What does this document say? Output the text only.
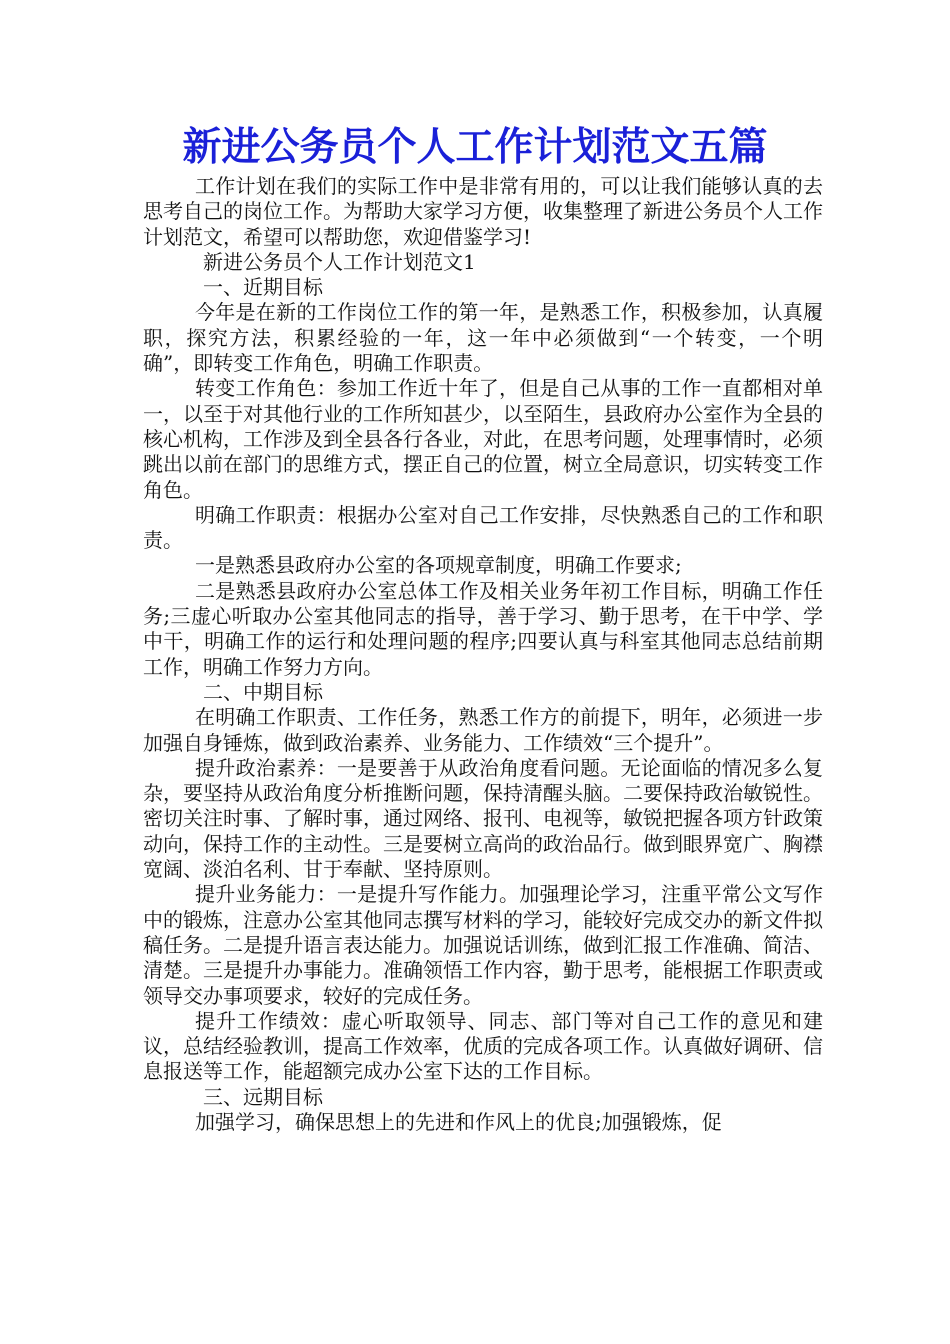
新进公务员个人工作计划范文五篇

工作计划在我们的实际工作中是非常有用的，可以让我们能够认真的去思考自己的岗位工作。为帮助大家学习方便，收集整理了新进公务员个人工作计划范文，希望可以帮助您，欢迎借鉴学习!

新进公务员个人工作计划范文1

一、近期目标

今年是在新的工作岗位工作的第一年，是熟悉工作，积极参加，认真履职，探究方法，积累经验的一年，这一年中必须做到“一个转变，一个明确”，即转变工作角色，明确工作职责。

转变工作角色：参加工作近十年了，但是自己从事的工作一直都相对单一，以至于对其他行业的工作所知甚少，以至陌生，县政府办公室作为全县的核心机构，工作涉及到全县各行各业，对此，在思考问题，处理事情时，必须跳出以前在部门的思维方式，摆正自己的位置，树立全局意识，切实转变工作角色。

明确工作职责：根据办公室对自己工作安排，尽快熟悉自己的工作和职责。

一是熟悉县政府办公室的各项规章制度，明确工作要求;

二是熟悉县政府办公室总体工作及相关业务年初工作目标，明确工作任务;三虚心听取办公室其他同志的指导，善于学习、勤于思考，在干中学、学中干，明确工作的运行和处理问题的程序;四要认真与科室其他同志总结前期工作，明确工作努力方向。

二、中期目标

在明确工作职责、工作任务，熟悉工作方的前提下，明年，必须进一步加强自身锤炼，做到政治素养、业务能力、工作绩效“三个提升”。

提升政治素养：一是要善于从政治角度看问题。无论面临的情况多么复杂，要坚持从政治角度分析推断问题，保持清醒头脑。二要保持政治敏锐性。密切关注时事、了解时事，通过网络、报刊、电视等，敏锐把握各项方针政策动向，保持工作的主动性。三是要树立高尚的政治品行。做到眼界宽广、胸襟宽阔、淡泊名利、甘于奉献、坚持原则。

提升业务能力：一是提升写作能力。加强理论学习，注重平常公文写作中的锻炼，注意办公室其他同志撰写材料的学习，能较好完成交办的新文件拟稿任务。二是提升语言表达能力。加强说话训练，做到汇报工作准确、简洁、清楚。三是提升办事能力。准确领悟工作内容，勤于思考，能根据工作职责或领导交办事项要求，较好的完成任务。

提升工作绩效：虚心听取领导、同志、部门等对自己工作的意见和建议，总结经验教训，提高工作效率，优质的完成各项工作。认真做好调研、信息报送等工作，能超额完成办公室下达的工作目标。

三、远期目标

加强学习，确保思想上的先进和作风上的优良;加强锻炼，促
